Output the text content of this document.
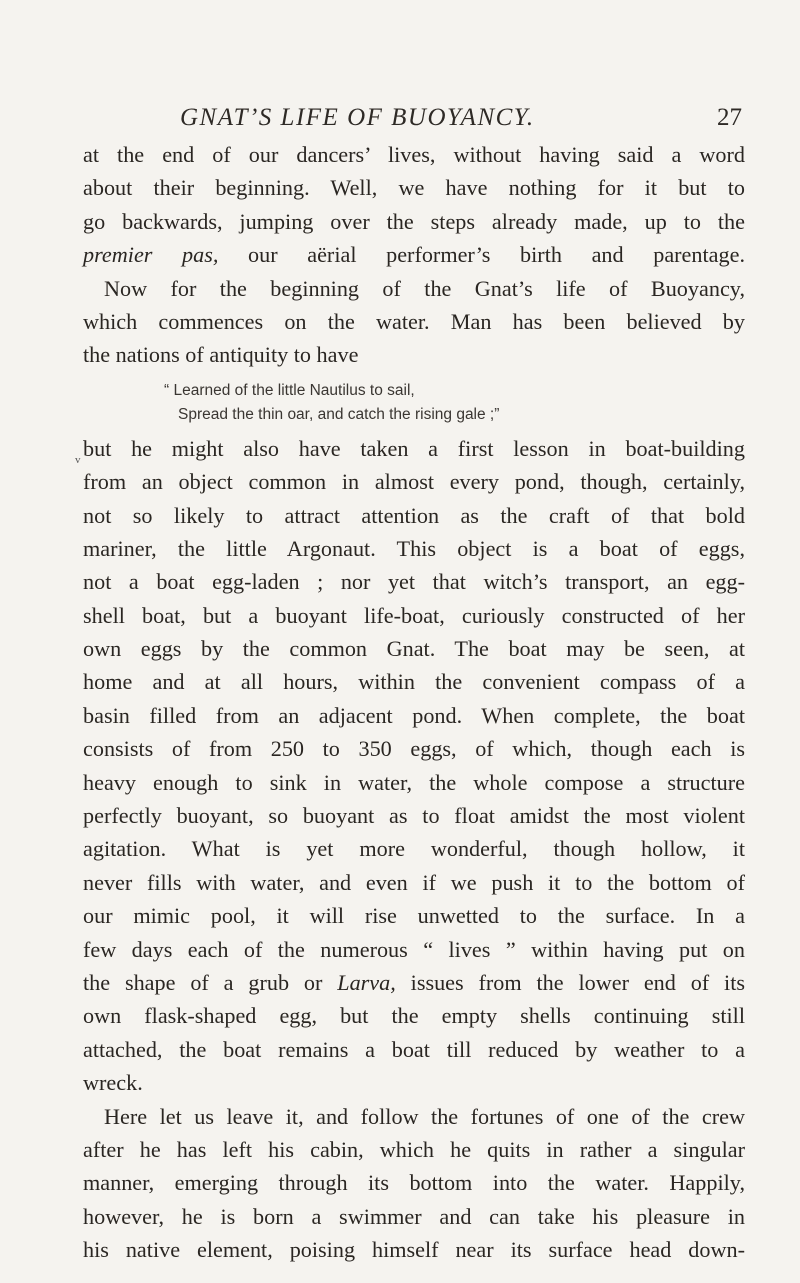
GNAT’S LIFE OF BUOYANCY.	27
at the end of our dancers’ lives, without having said a word
about their beginning. Well, we have nothing for it but to
go backwards, jumping over the steps already made, up to the
premier pas, our aërial performer’s birth and parentage.
Now for the beginning of the Gnat’s life of Buoyancy,
which commences on the water. Man has been believed by
the nations of antiquity to have
“ Learned of the little Nautilus to sail,
Spread the thin oar, and catch the rising gale ;”
v but he might also have taken a first lesson in boat-building
from an object common in almost every pond, though, certainly,
not so likely to attract attention as the craft of that bold
mariner, the little Argonaut. This object is a boat of eggs,
not a boat egg-laden ; nor yet that witch’s transport, an egg-
shell boat, but a buoyant life-boat, curiously constructed of her
own eggs by the common Gnat. The boat may be seen, at
home and at all hours, within the convenient compass of a
basin filled from an adjacent pond. When complete, the boat
consists of from 250 to 350 eggs, of which, though each is
heavy enough to sink in water, the whole compose a structure
perfectly buoyant, so buoyant as to float amidst the most violent
agitation. What is yet more wonderful, though hollow, it
never fills with water, and even if we push it to the bottom of
our mimic pool, it will rise unwetted to the surface. In a
few days each of the numerous “ lives ” within having put on
the shape of a grub or Larva, issues from the lower end of its
own flask-shaped egg, but the empty shells continuing still
attached, the boat remains a boat till reduced by weather to a
wreck.
Here let us leave it, and follow the fortunes of one of the crew
after he has left his cabin, which he quits in rather a singular
manner, emerging through its bottom into the water. Happily,
however, he is born a swimmer and can take his pleasure in
his native element, poising himself near its surface head down-
